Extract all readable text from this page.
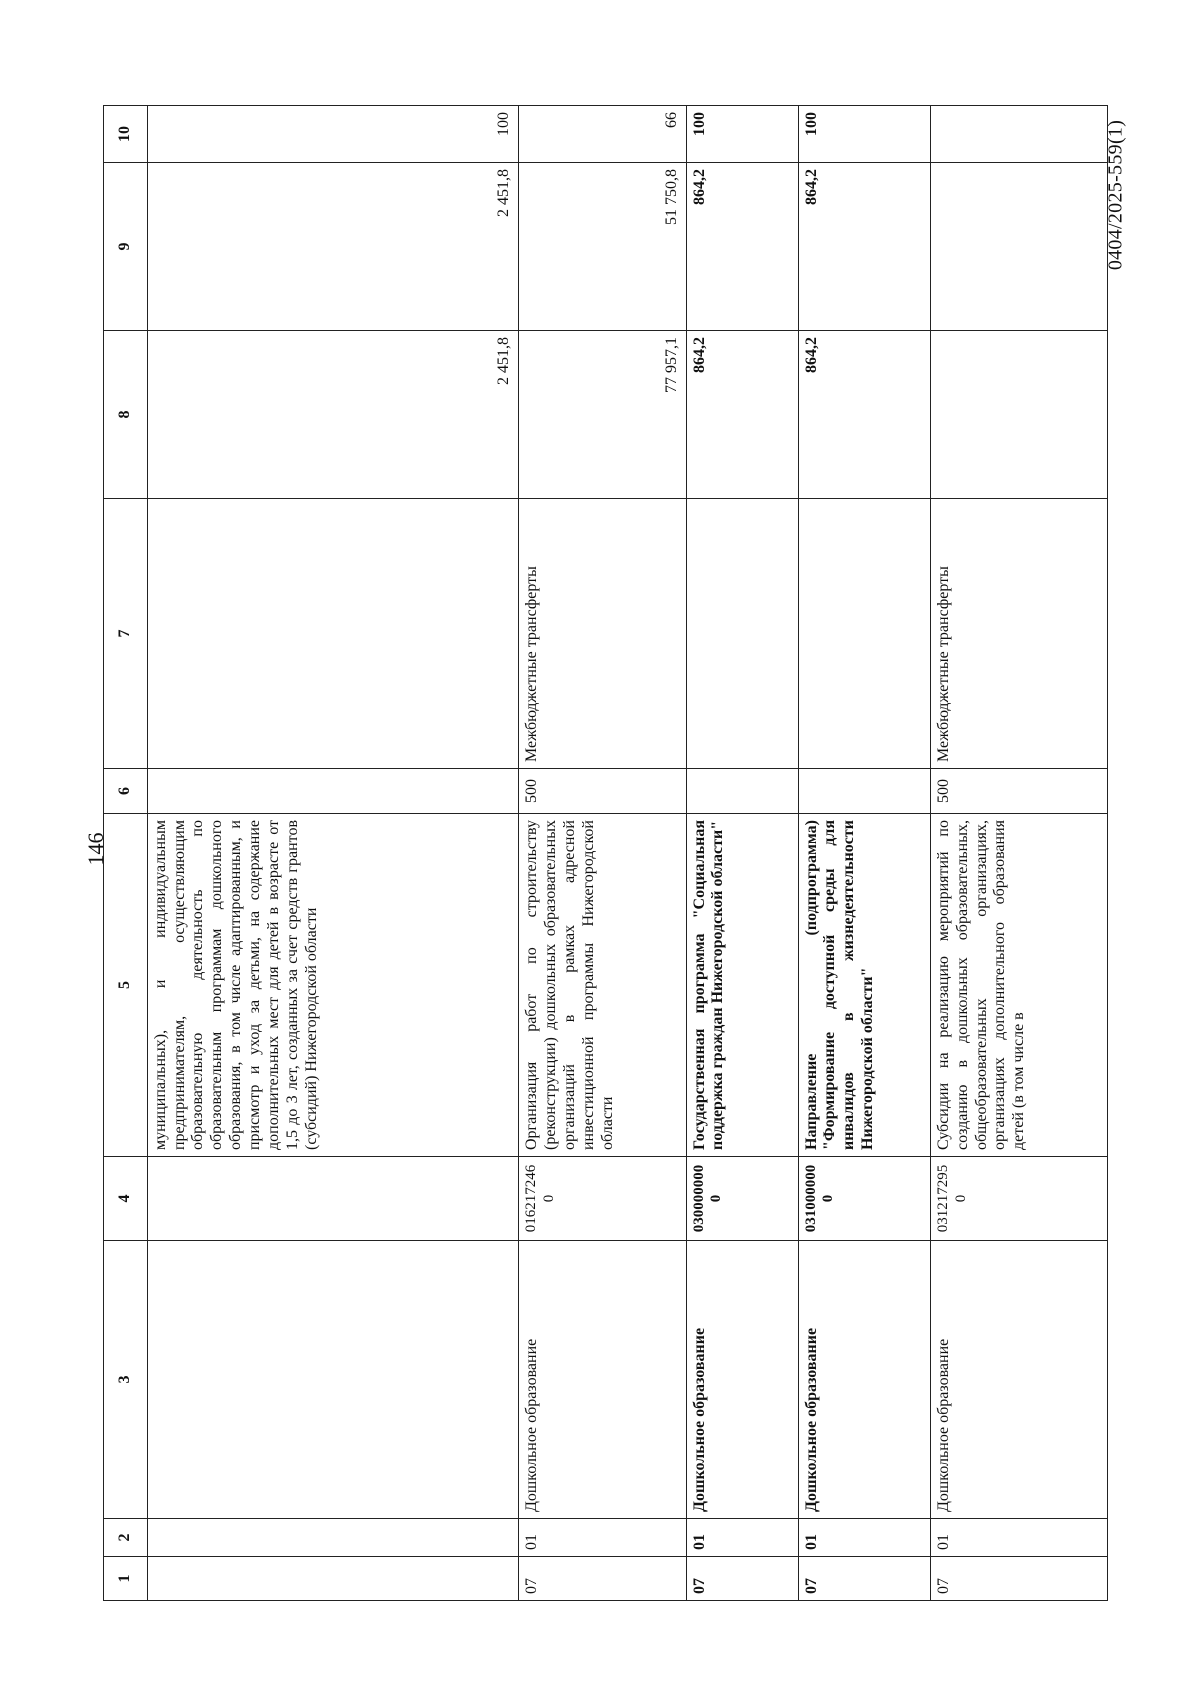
146
0404/2025-559(1)
1	2	3	4	5	6	7	8	9	10
				муниципальных), и индивидуальным предпринимателям, осуществляющим образовательную деятельность по образовательным программам дошкольного образования, в том числе адаптированным, и присмотр и уход за детьми, на содержание дополнительных мест для детей в возрасте от 1,5 до 3 лет, созданных за счет средств грантов (субсидий) Нижегородской области			2 451,8	2 451,8	100
07	01	Дошкольное образование	0162172460	Организация работ по строительству (реконструкции) дошкольных образовательных организаций в рамках адресной инвестиционной программы Нижегородской области	500	Межбюджетные трансферты	77 957,1	51 750,8	66
07	01	Дошкольное образование	0300000000	Государственная программа "Социальная поддержка граждан Нижегородской области"			864,2	864,2	100
07	01	Дошкольное образование	0310000000	Направление (подпрограмма) "Формирование доступной среды для инвалидов в жизнедеятельности Нижегородской области"			864,2	864,2	100
07	01	Дошкольное образование	0312172950	Субсидии на реализацию мероприятий по созданию в дошкольных образовательных, общеобразовательных организациях, организациях дополнительного образования детей (в том числе в	500	Межбюджетные трансферты			
